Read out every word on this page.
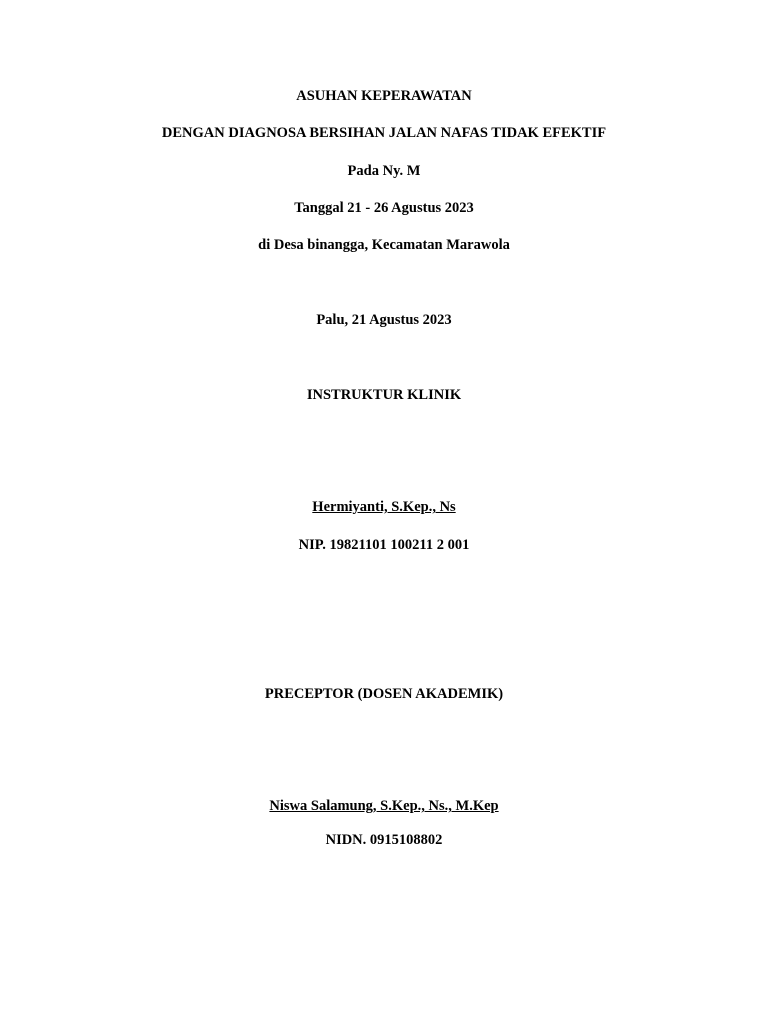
ASUHAN KEPERAWATAN
DENGAN DIAGNOSA BERSIHAN JALAN NAFAS TIDAK EFEKTIF
Pada Ny. M
Tanggal 21 - 26 Agustus 2023
di Desa binangga, Kecamatan Marawola
Palu, 21 Agustus 2023
INSTRUKTUR KLINIK
Hermiyanti, S.Kep., Ns
NIP. 19821101 100211 2 001
PRECEPTOR (DOSEN AKADEMIK)
Niswa Salamung, S.Kep., Ns., M.Kep
NIDN. 0915108802
